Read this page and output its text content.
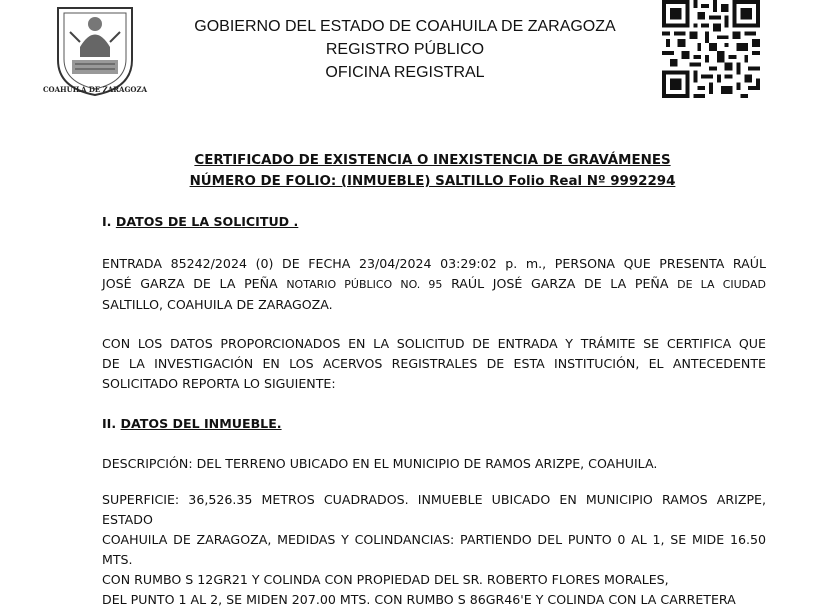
COAHUILA DE ZARAGOZA
GOBIERNO DEL ESTADO DE COAHUILA DE ZARAGOZA
REGISTRO PÚBLICO
OFICINA REGISTRAL
CERTIFICADO DE EXISTENCIA O INEXISTENCIA DE GRAVÁMENES
NÚMERO DE FOLIO: (INMUEBLE) SALTILLO Folio Real Nº 9992294
I. DATOS DE LA SOLICITUD .
ENTRADA 85242/2024 (0) DE FECHA 23/04/2024 03:29:02 p. m., PERSONA QUE PRESENTA RAÚL
JOSÉ GARZA DE LA PEÑA NOTARIO PÚBLICO NO. 95 RAÚL JOSÉ GARZA DE LA PEÑA DE LA CIUDAD
SALTILLO, COAHUILA DE ZARAGOZA.
CON LOS DATOS PROPORCIONADOS EN LA SOLICITUD DE ENTRADA Y TRÁMITE SE CERTIFICA QUE
DE LA INVESTIGACIÓN EN LOS ACERVOS REGISTRALES DE ESTA INSTITUCIÓN, EL ANTECEDENTE
SOLICITADO REPORTA LO SIGUIENTE:
II. DATOS DEL INMUEBLE.
DESCRIPCIÓN: DEL TERRENO UBICADO EN EL MUNICIPIO DE RAMOS ARIZPE, COAHUILA.
SUPERFICIE: 36,526.35 METROS CUADRADOS. INMUEBLE UBICADO EN MUNICIPIO RAMOS ARIZPE, ESTADO
COAHUILA DE ZARAGOZA, MEDIDAS Y COLINDANCIAS: PARTIENDO DEL PUNTO 0 AL 1, SE MIDE 16.50 MTS.
CON RUMBO S 12GR21 Y COLINDA CON PROPIEDAD DEL SR. ROBERTO FLORES MORALES,
DEL PUNTO 1 AL 2, SE MIDEN 207.00 MTS. CON RUMBO S 86GR46'E Y COLINDA CON LA CARRETERA
